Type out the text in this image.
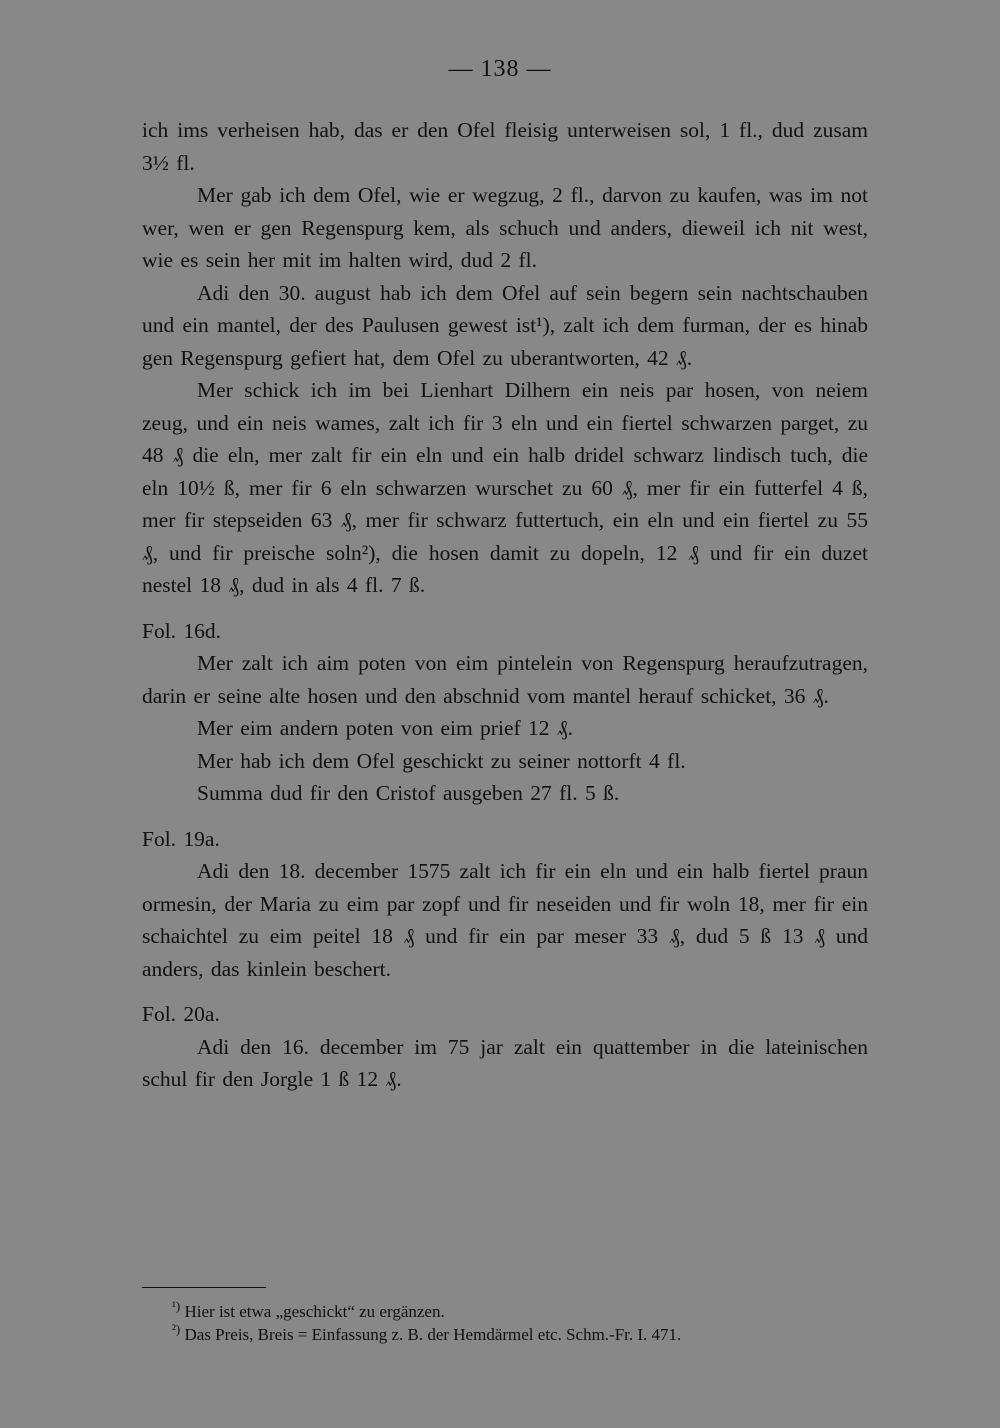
— 138 —

ich ims verheisen hab, das er den Ofel fleisig unterweisen sol, 1 fl., dud zusam 3½ fl.

Mer gab ich dem Ofel, wie er wegzug, 2 fl., darvon zu kaufen, was im not wer, wen er gen Regenspurg kem, als schuch und anders, dieweil ich nit west, wie es sein her mit im halten wird, dud 2 fl.

Adi den 30. august hab ich dem Ofel auf sein begern sein nachtschauben und ein mantel, der des Paulusen gewest ist¹), zalt ich dem furman, der es hinab gen Regenspurg gefiert hat, dem Ofel zu uberantworten, 42 ₰.

Mer schick ich im bei Lienhart Dilhern ein neis par hosen, von neiem zeug, und ein neis wames, zalt ich fir 3 eln und ein fiertel schwarzen parget, zu 48 ₰ die eln, mer zalt fir ein eln und ein halb dridel schwarz lindisch tuch, die eln 10½ ß, mer fir 6 eln schwarzen wurschet zu 60 ₰, mer fir ein futterfel 4 ß, mer fir stepseiden 63 ₰, mer fir schwarz futtertuch, ein eln und ein fiertel zu 55 ₰, und fir preische soln²), die hosen damit zu dopeln, 12 ₰ und fir ein duzet nestel 18 ₰, dud in als 4 fl. 7 ß.

Fol. 16d.

Mer zalt ich aim poten von eim pintelein von Regenspurg heraufzutragen, darin er seine alte hosen und den abschnid vom mantel herauf schicket, 36 ₰.

Mer eim andern poten von eim prief 12 ₰.

Mer hab ich dem Ofel geschickt zu seiner nottorft 4 fl.

Summa dud fir den Cristof ausgeben 27 fl. 5 ß.

Fol. 19a.

Adi den 18. december 1575 zalt ich fir ein eln und ein halb fiertel praun ormesin, der Maria zu eim par zopf und fir neseiden und fir woln 18, mer fir ein schaichtel zu eim peitel 18 ₰ und fir ein par meser 33 ₰, dud 5 ß 13 ₰ und anders, das kinlein beschert.

Fol. 20a.

Adi den 16. december im 75 jar zalt ein quattember in die lateinischen schul fir den Jorgle 1 ß 12 ₰.

$^{^1)}$ Hier ist etwa „geschickt“ zu ergänzen.

$^{^2)}$ Das Preis, Breis = Einfassung z. B. der Hemdärmel etc. Schm.-Fr. I. 471.
